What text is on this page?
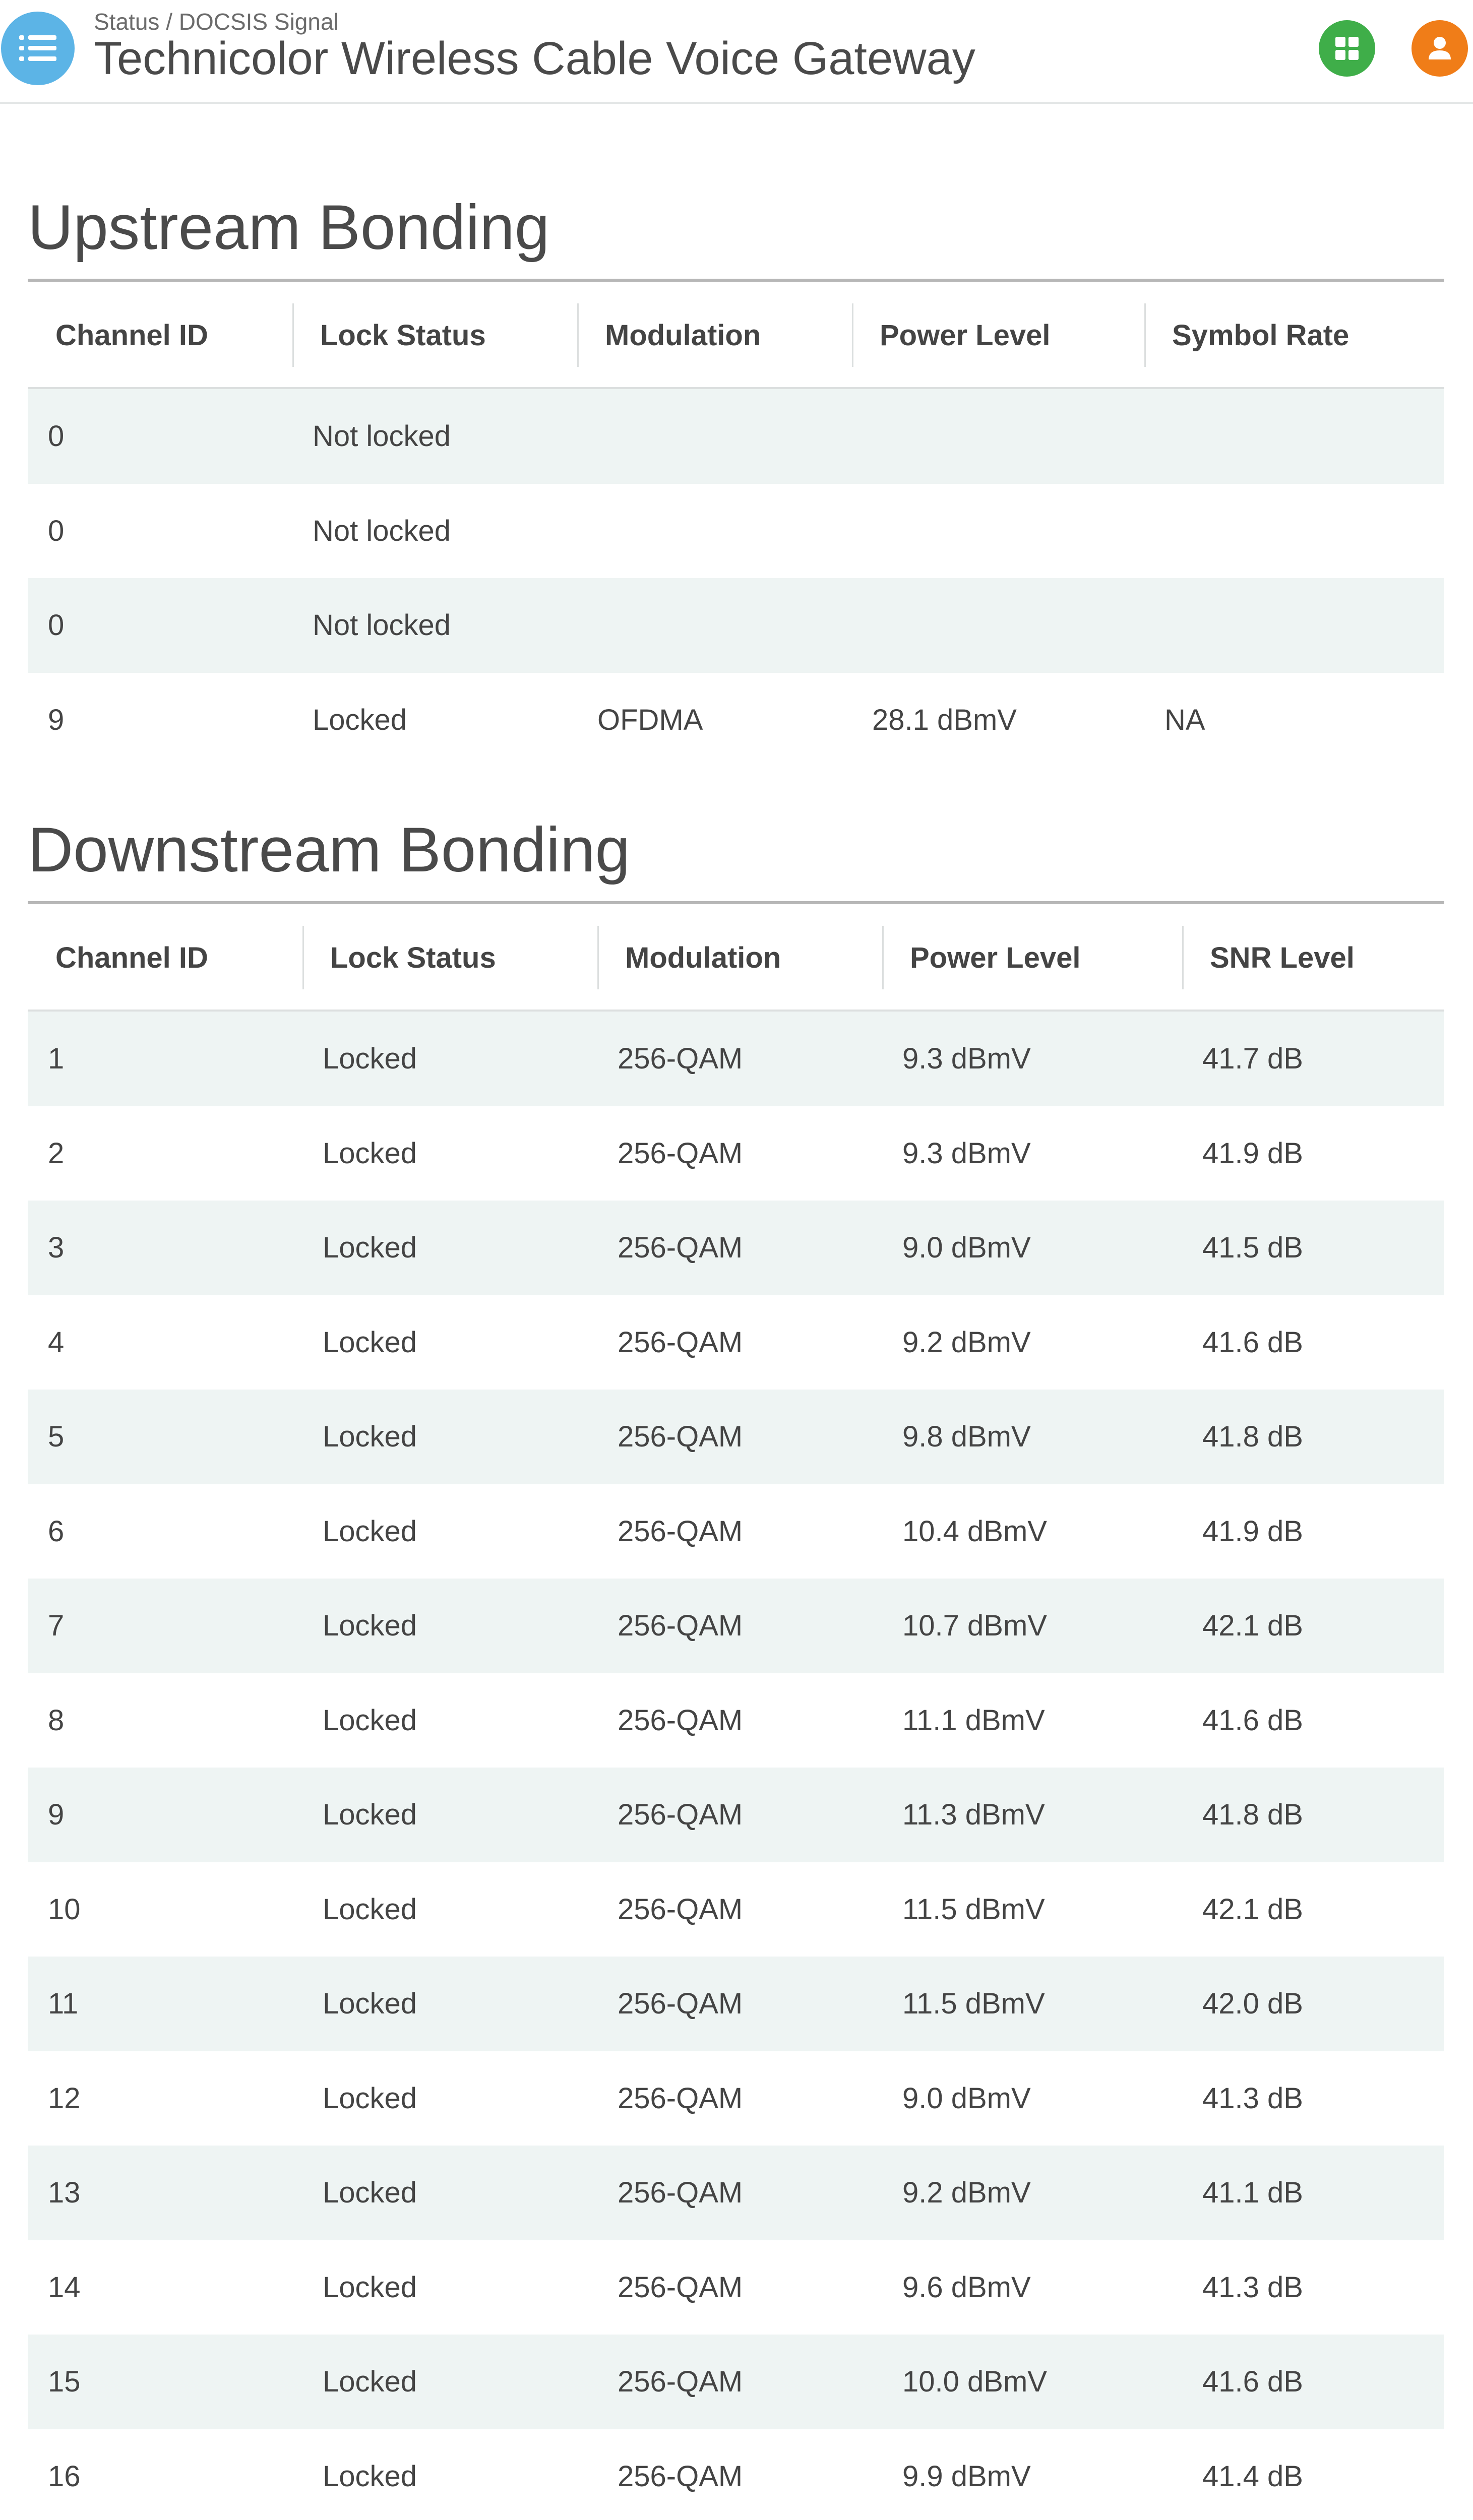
Status / DOCSIS Signal
Technicolor Wireless Cable Voice Gateway
Upstream Bonding
Channel ID	Lock Status	Modulation	Power Level	Symbol Rate
0	Not locked			
0	Not locked			
0	Not locked			
9	Locked	OFDMA	28.1 dBmV	NA
Downstream Bonding
Channel ID	Lock Status	Modulation	Power Level	SNR Level
1	Locked	256-QAM	9.3 dBmV	41.7 dB
2	Locked	256-QAM	9.3 dBmV	41.9 dB
3	Locked	256-QAM	9.0 dBmV	41.5 dB
4	Locked	256-QAM	9.2 dBmV	41.6 dB
5	Locked	256-QAM	9.8 dBmV	41.8 dB
6	Locked	256-QAM	10.4 dBmV	41.9 dB
7	Locked	256-QAM	10.7 dBmV	42.1 dB
8	Locked	256-QAM	11.1 dBmV	41.6 dB
9	Locked	256-QAM	11.3 dBmV	41.8 dB
10	Locked	256-QAM	11.5 dBmV	42.1 dB
11	Locked	256-QAM	11.5 dBmV	42.0 dB
12	Locked	256-QAM	9.0 dBmV	41.3 dB
13	Locked	256-QAM	9.2 dBmV	41.1 dB
14	Locked	256-QAM	9.6 dBmV	41.3 dB
15	Locked	256-QAM	10.0 dBmV	41.6 dB
16	Locked	256-QAM	9.9 dBmV	41.4 dB
